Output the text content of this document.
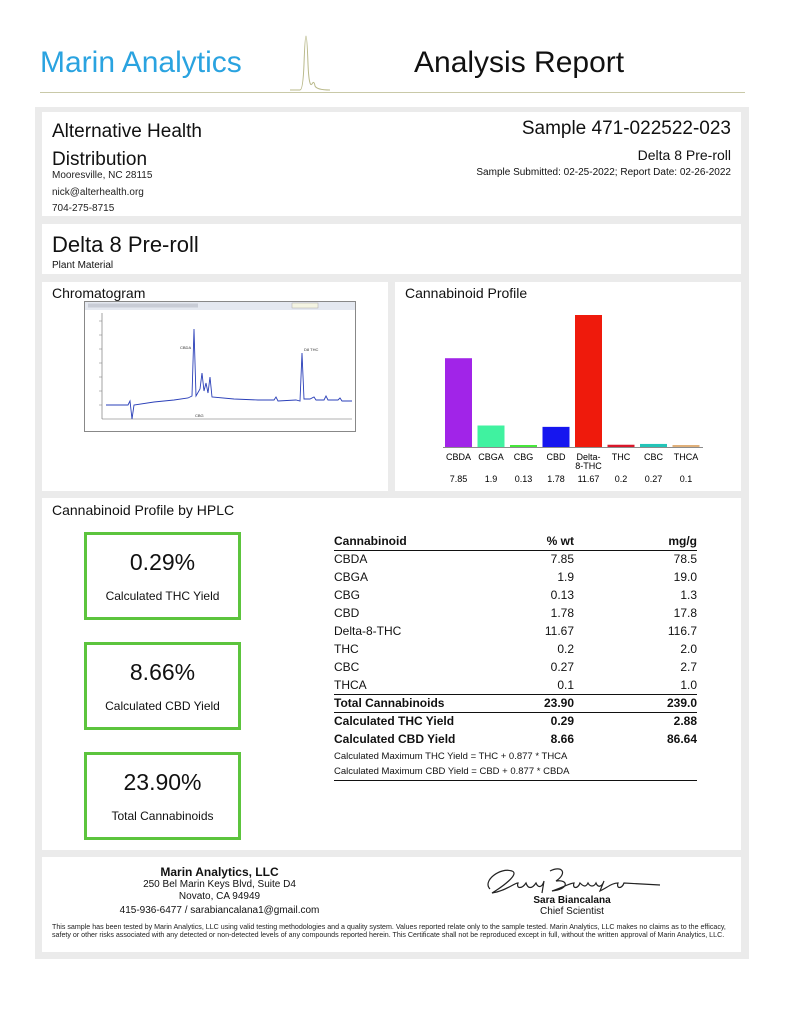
Marin Analytics	Analysis Report
Alternative Health Distribution
Mooresville, NC 28115
nick@alterhealth.org
704-275-8715
Sample 471-022522-023
Delta 8 Pre-roll
Sample Submitted: 02-25-2022; Report Date: 02-26-2022
Delta 8 Pre-roll
Plant Material
Chromatogram
CBDA	D8 THC
CBG
Cannabinoid Profile
CBDA
7.85
CBGA
1.9
CBG
0.13
CBD
1.78
Delta-
8-THC
11.67
THC
0.2
CBC
0.27
THCA
0.1
Cannabinoid Profile by HPLC
0.29%
Calculated THC Yield
8.66%
Calculated CBD Yield
23.90%
Total Cannabinoids
Cannabinoid	% wt	mg/g
CBDA	7.85	78.5
CBGA	1.9	19.0
CBG	0.13	1.3
CBD	1.78	17.8
Delta-8-THC	11.67	116.7
THC	0.2	2.0
CBC	0.27	2.7
THCA	0.1	1.0
Total Cannabinoids	23.90	239.0
Calculated THC Yield	0.29	2.88
Calculated CBD Yield	8.66	86.64
Calculated Maximum THC Yield = THC + 0.877 * THCA		
Calculated Maximum CBD Yield = CBD + 0.877 * CBDA		
Marin Analytics, LLC
250 Bel Marin Keys Blvd, Suite D4
Novato, CA 94949
415-936-6477 / sarabiancalana1@gmail.com
Sara Biancalana
Chief Scientist
This sample has been tested by Marin Analytics, LLC using valid testing methodologies and a quality system. Values reported relate only to the sample tested. Marin Analytics, LLC makes no claims as to the efficacy, safety or other risks associated with any detected or non-detected levels of any compounds reported herein. This Certificate shall not be reproduced except in full, without the written approval of Marin Analytics, LLC.
